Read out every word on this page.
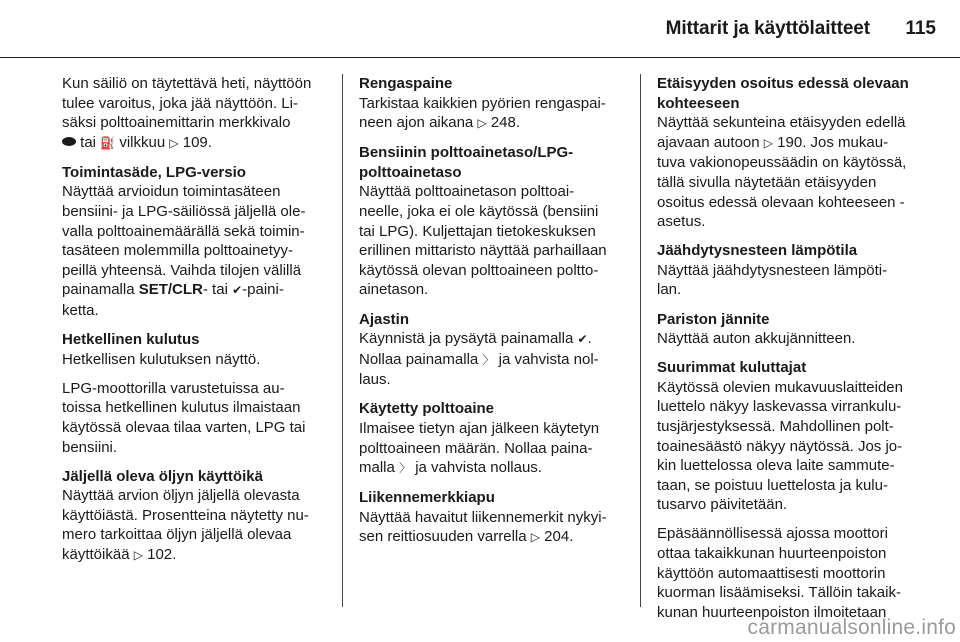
Mittarit ja käyttölaitteet	115

Kun säiliö on täytettävä heti, näyttöön
tulee varoitus, joka jää näyttöön. Li-
säksi polttoainemittarin merkkivalo
tai ⛽ vilkkuu ▷ 109.

Toimintasäde, LPG-versio

Näyttää arvioidun toimintasäteen
bensiini- ja LPG-säiliössä jäljellä ole-
valla polttoainemäärällä sekä toimin-
tasäteen molemmilla polttoainetyy-
peillä yhteensä. Vaihda tilojen välillä
painamalla SET/CLR- tai ✔-paini-
ketta.

Hetkellinen kulutus

Hetkellisen kulutuksen näyttö.

LPG-moottorilla varustetuissa au-
toissa hetkellinen kulutus ilmaistaan
käytössä olevaa tilaa varten, LPG tai
bensiini.

Jäljellä oleva öljyn käyttöikä

Näyttää arvion öljyn jäljellä olevasta
käyttöiästä. Prosentteina näytetty nu-
mero tarkoittaa öljyn jäljellä olevaa
käyttöikää ▷ 102.

Rengaspaine

Tarkistaa kaikkien pyörien rengaspai-
neen ajon aikana ▷ 248.

Bensiinin polttoainetaso/LPG-
polttoainetaso

Näyttää polttoainetason polttoai-
neelle, joka ei ole käytössä (bensiini
tai LPG). Kuljettajan tietokeskuksen
erillinen mittaristo näyttää parhaillaan
käytössä olevan polttoaineen poltto-
ainetason.

Ajastin

Käynnistä ja pysäytä painamalla ✔.
Nollaa painamalla 〉 ja vahvista nol-
laus.

Käytetty polttoaine

Ilmaisee tietyn ajan jälkeen käytetyn
polttoaineen määrän. Nollaa paina-
malla 〉 ja vahvista nollaus.

Liikennemerkkiapu

Näyttää havaitut liikennemerkit nykyi-
sen reittiosuuden varrella ▷ 204.

Etäisyyden osoitus edessä olevaan
kohteeseen

Näyttää sekunteina etäisyyden edellä
ajavaan autoon ▷ 190. Jos mukau-
tuva vakionopeussäädin on käytössä,
tällä sivulla näytetään etäisyyden
osoitus edessä olevaan kohteeseen -
asetus.

Jäähdytysnesteen lämpötila

Näyttää jäähdytysnesteen lämpöti-
lan.

Pariston jännite

Näyttää auton akkujännitteen.

Suurimmat kuluttajat

Käytössä olevien mukavuuslaitteiden
luettelo näkyy laskevassa virrankulu-
tusjärjestyksessä. Mahdollinen polt-
toainesäästö näkyy näytössä. Jos jo-
kin luettelossa oleva laite sammute-
taan, se poistuu luettelosta ja kulu-
tusarvo päivitetään.

Epäsäännöllisessä ajossa moottori
ottaa takaikkunan huurteenpoiston
käyttöön automaattisesti moottorin
kuorman lisäämiseksi. Tällöin takaik-
kunan huurteenpoiston ilmoitetaan

carmanualsonline.info
